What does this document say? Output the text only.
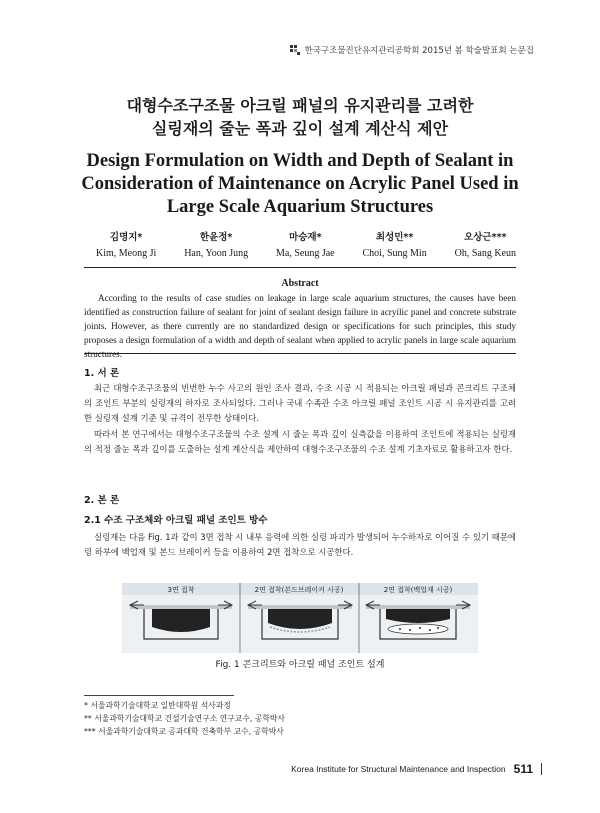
한국구조물진단유지관리공학회 2015년 봄 학술발표회 논문집
대형수조구조물 아크릴 패널의 유지관리를 고려한
실링재의 줄눈 폭과 깊이 설계 계산식 제안
Design Formulation on Width and Depth of Sealant in
Consideration of Maintenance on Acrylic Panel Used in
Large Scale Aquarium Structures
김명지*
Kim, Meong Ji
한윤정*
Han, Yoon Jung
마승재*
Ma, Seung Jae
최성민**
Choi, Sung Min
오상근***
Oh, Sang Keun
Abstract
According to the results of case studies on leakage in large scale aquarium structures, the causes have been identified as construction failure of sealant for joint of sealant design failure in acryilic panel and concrete substrate joints. However, as there currently are no standardized design or specifications for such principles, this study proposes a design formulation of a width and depth of sealant when applied to acrylic panels in large scale aquarium structures.
1. 서 론
최근 대형수조구조물의 빈번한 누수 사고의 원인 조사 결과, 수조 시공 시 적용되는 아크릴 패널과 콘크리트 구조체의 조인트 부분의 실링재의 하자로 조사되었다. 그러나 국내 수족관 수조 아크릴 패널 조인트 시공 시 유지관리를 고려한 실링재 설계 기준 및 규격이 전무한 상태이다.
따라서 본 연구에서는 대형수조구조물의 수조 설계 시 줄눈 폭과 깊이 실측값을 이용하여 조인트에 적용되는 실링재의 적정 줄눈 폭과 깊이를 도출하는 설계 계산식을 제안하여 대형수조구조물의 수조 설계 기초자료로 활용하고자 한다.
2. 본 론
2.1 수조 구조체와 아크릴 패널 조인트 방수
실링재는 다음 Fig. 1과 같이 3면 접착 시 내부 응력에 의한 실링 파괴가 발생되어 누수하자로 이어질 수 있기 때문에 링 하부에 백업재 및 본드 브레이커 등을 이용하여 2면 접착으로 시공한다.
3면 접착	2면 접착(본드브레이커 시공)	2면 접착(백업재 시공)
Fig. 1 콘크리트와 아크릴 패널 조인트 설계
* 서울과학기술대학교 일반대학원 석사과정
** 서울과학기술대학교 건설기술연구소 연구교수, 공학박사
*** 서울과학기술대학교 공과대학 건축학부 교수, 공학박사
Korea Institute for Structural Maintenance and Inspection 511
